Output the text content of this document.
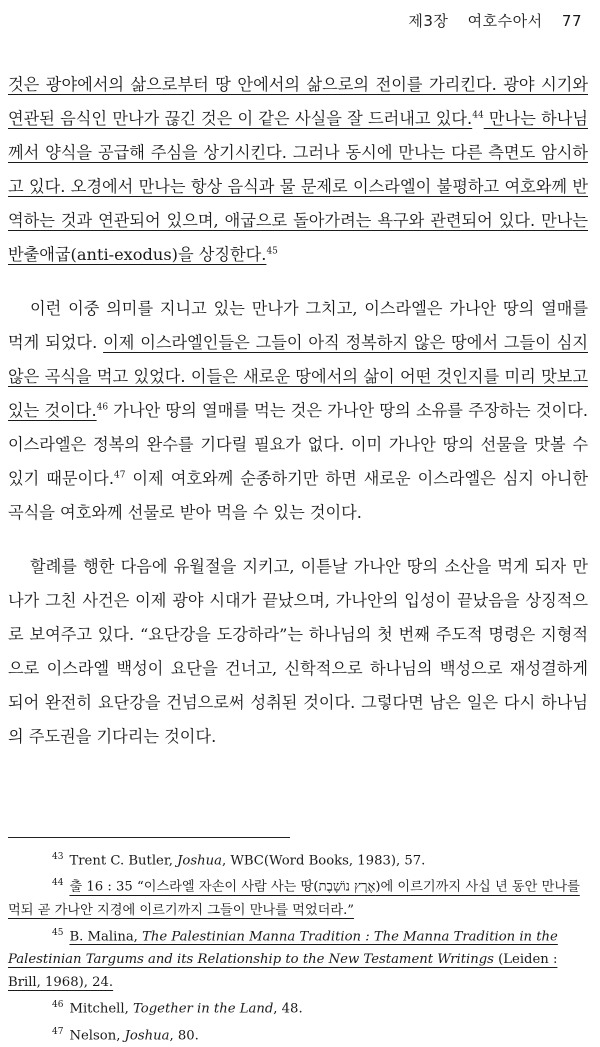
제3장 여호수아서 77

것은 광야에서의 삶으로부터 땅 안에서의 삶으로의 전이를 가리킨다. 광야 시기와 연관된 음식인 만나가 끊긴 것은 이 같은 사실을 잘 드러내고 있다.$^{44}$ 만나는 하나님께서 양식을 공급해 주심을 상기시킨다. 그러나 동시에 만나는 다른 측면도 암시하고 있다. 오경에서 만나는 항상 음식과 물 문제로 이스라엘이 불평하고 여호와께 반역하는 것과 연관되어 있으며, 애굽으로 돌아가려는 욕구와 관련되어 있다. 만나는 반출애굽(anti-exodus)을 상징한다.$^{45}$

이런 이중 의미를 지니고 있는 만나가 그치고, 이스라엘은 가나안 땅의 열매를 먹게 되었다. 이제 이스라엘인들은 그들이 아직 정복하지 않은 땅에서 그들이 심지 않은 곡식을 먹고 있었다. 이들은 새로운 땅에서의 삶이 어떤 것인지를 미리 맛보고 있는 것이다.$^{46}$ 가나안 땅의 열매를 먹는 것은 가나안 땅의 소유를 주장하는 것이다. 이스라엘은 정복의 완수를 기다릴 필요가 없다. 이미 가나안 땅의 선물을 맛볼 수 있기 때문이다.$^{47}$ 이제 여호와께 순종하기만 하면 새로운 이스라엘은 심지 아니한 곡식을 여호와께 선물로 받아 먹을 수 있는 것이다.

할례를 행한 다음에 유월절을 지키고, 이튿날 가나안 땅의 소산을 먹게 되자 만나가 그친 사건은 이제 광야 시대가 끝났으며, 가나안의 입성이 끝났음을 상징적으로 보여주고 있다. “요단강을 도강하라”는 하나님의 첫 번째 주도적 명령은 지형적으로 이스라엘 백성이 요단을 건너고, 신학적으로 하나님의 백성으로 재성결하게 되어 완전히 요단강을 건넘으로써 성취된 것이다. 그렇다면 남은 일은 다시 하나님의 주도권을 기다리는 것이다.

$^{43}$ Trent C. Butler, Joshua, WBC(Word Books, 1983), 57.

$^{44}$ 출 16 : 35 “이스라엘 자손이 사람 사는 땅(אֶרֶץ נוֹשָׁבֶת)에 이르기까지 사십 년 동안 만나를 먹되 곧 가나안 지경에 이르기까지 그들이 만나를 먹었더라.”

$^{45}$ B. Malina, The Palestinian Manna Tradition : The Manna Tradition in the Palestinian Targums and its Relationship to the New Testament Writings (Leiden : Brill, 1968), 24.

$^{46}$ Mitchell, Together in the Land, 48.

$^{47}$ Nelson, Joshua, 80.
